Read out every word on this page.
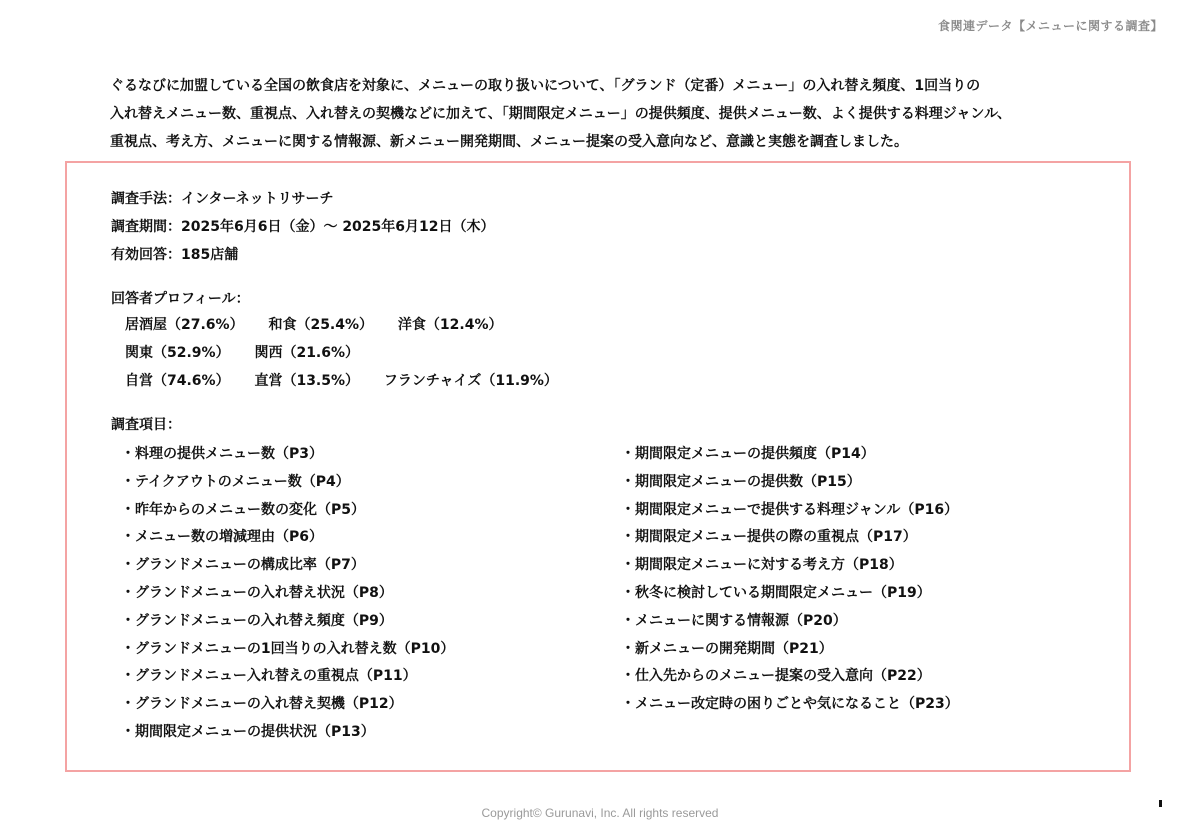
食関連データ【メニューに関する調査】

ぐるなびに加盟している全国の飲食店を対象に、メニューの取り扱いについて、「グランド（定番）メニュー」の入れ替え頻度、1回当りの

入れ替えメニュー数、重視点、入れ替えの契機などに加えて、「期間限定メニュー」の提供頻度、提供メニュー数、よく提供する料理ジャンル、

重視点、考え方、メニューに関する情報源、新メニュー開発期間、メニュー提案の受入意向など、意識と実態を調査しました。

調査手法：インターネットリサーチ
調査期間：2025年6月6日（金）～ 2025年6月12日（木）
有効回答：185店舗
回答者プロフィール：
居酒屋（27.6%） 和食（25.4%） 洋食（12.4%）
関東（52.9%） 関西（21.6%）
自営（74.6%） 直営（13.5%） フランチャイズ（11.9%）
調査項目：
・料理の提供メニュー数（P3）
・テイクアウトのメニュー数（P4）
・昨年からのメニュー数の変化（P5）
・メニュー数の増減理由（P6）
・グランドメニューの構成比率（P7）
・グランドメニューの入れ替え状況（P8）
・グランドメニューの入れ替え頻度（P9）
・グランドメニューの1回当りの入れ替え数（P10）
・グランドメニュー入れ替えの重視点（P11）
・グランドメニューの入れ替え契機（P12）
・期間限定メニューの提供状況（P13）
・期間限定メニューの提供頻度（P14）
・期間限定メニューの提供数（P15）
・期間限定メニューで提供する料理ジャンル（P16）
・期間限定メニュー提供の際の重視点（P17）
・期間限定メニューに対する考え方（P18）
・秋冬に検討している期間限定メニュー（P19）
・メニューに関する情報源（P20）
・新メニューの開発期間（P21）
・仕入先からのメニュー提案の受入意向（P22）
・メニュー改定時の困りごとや気になること（P23）
Copyright© Gurunavi, Inc. All rights reserved
